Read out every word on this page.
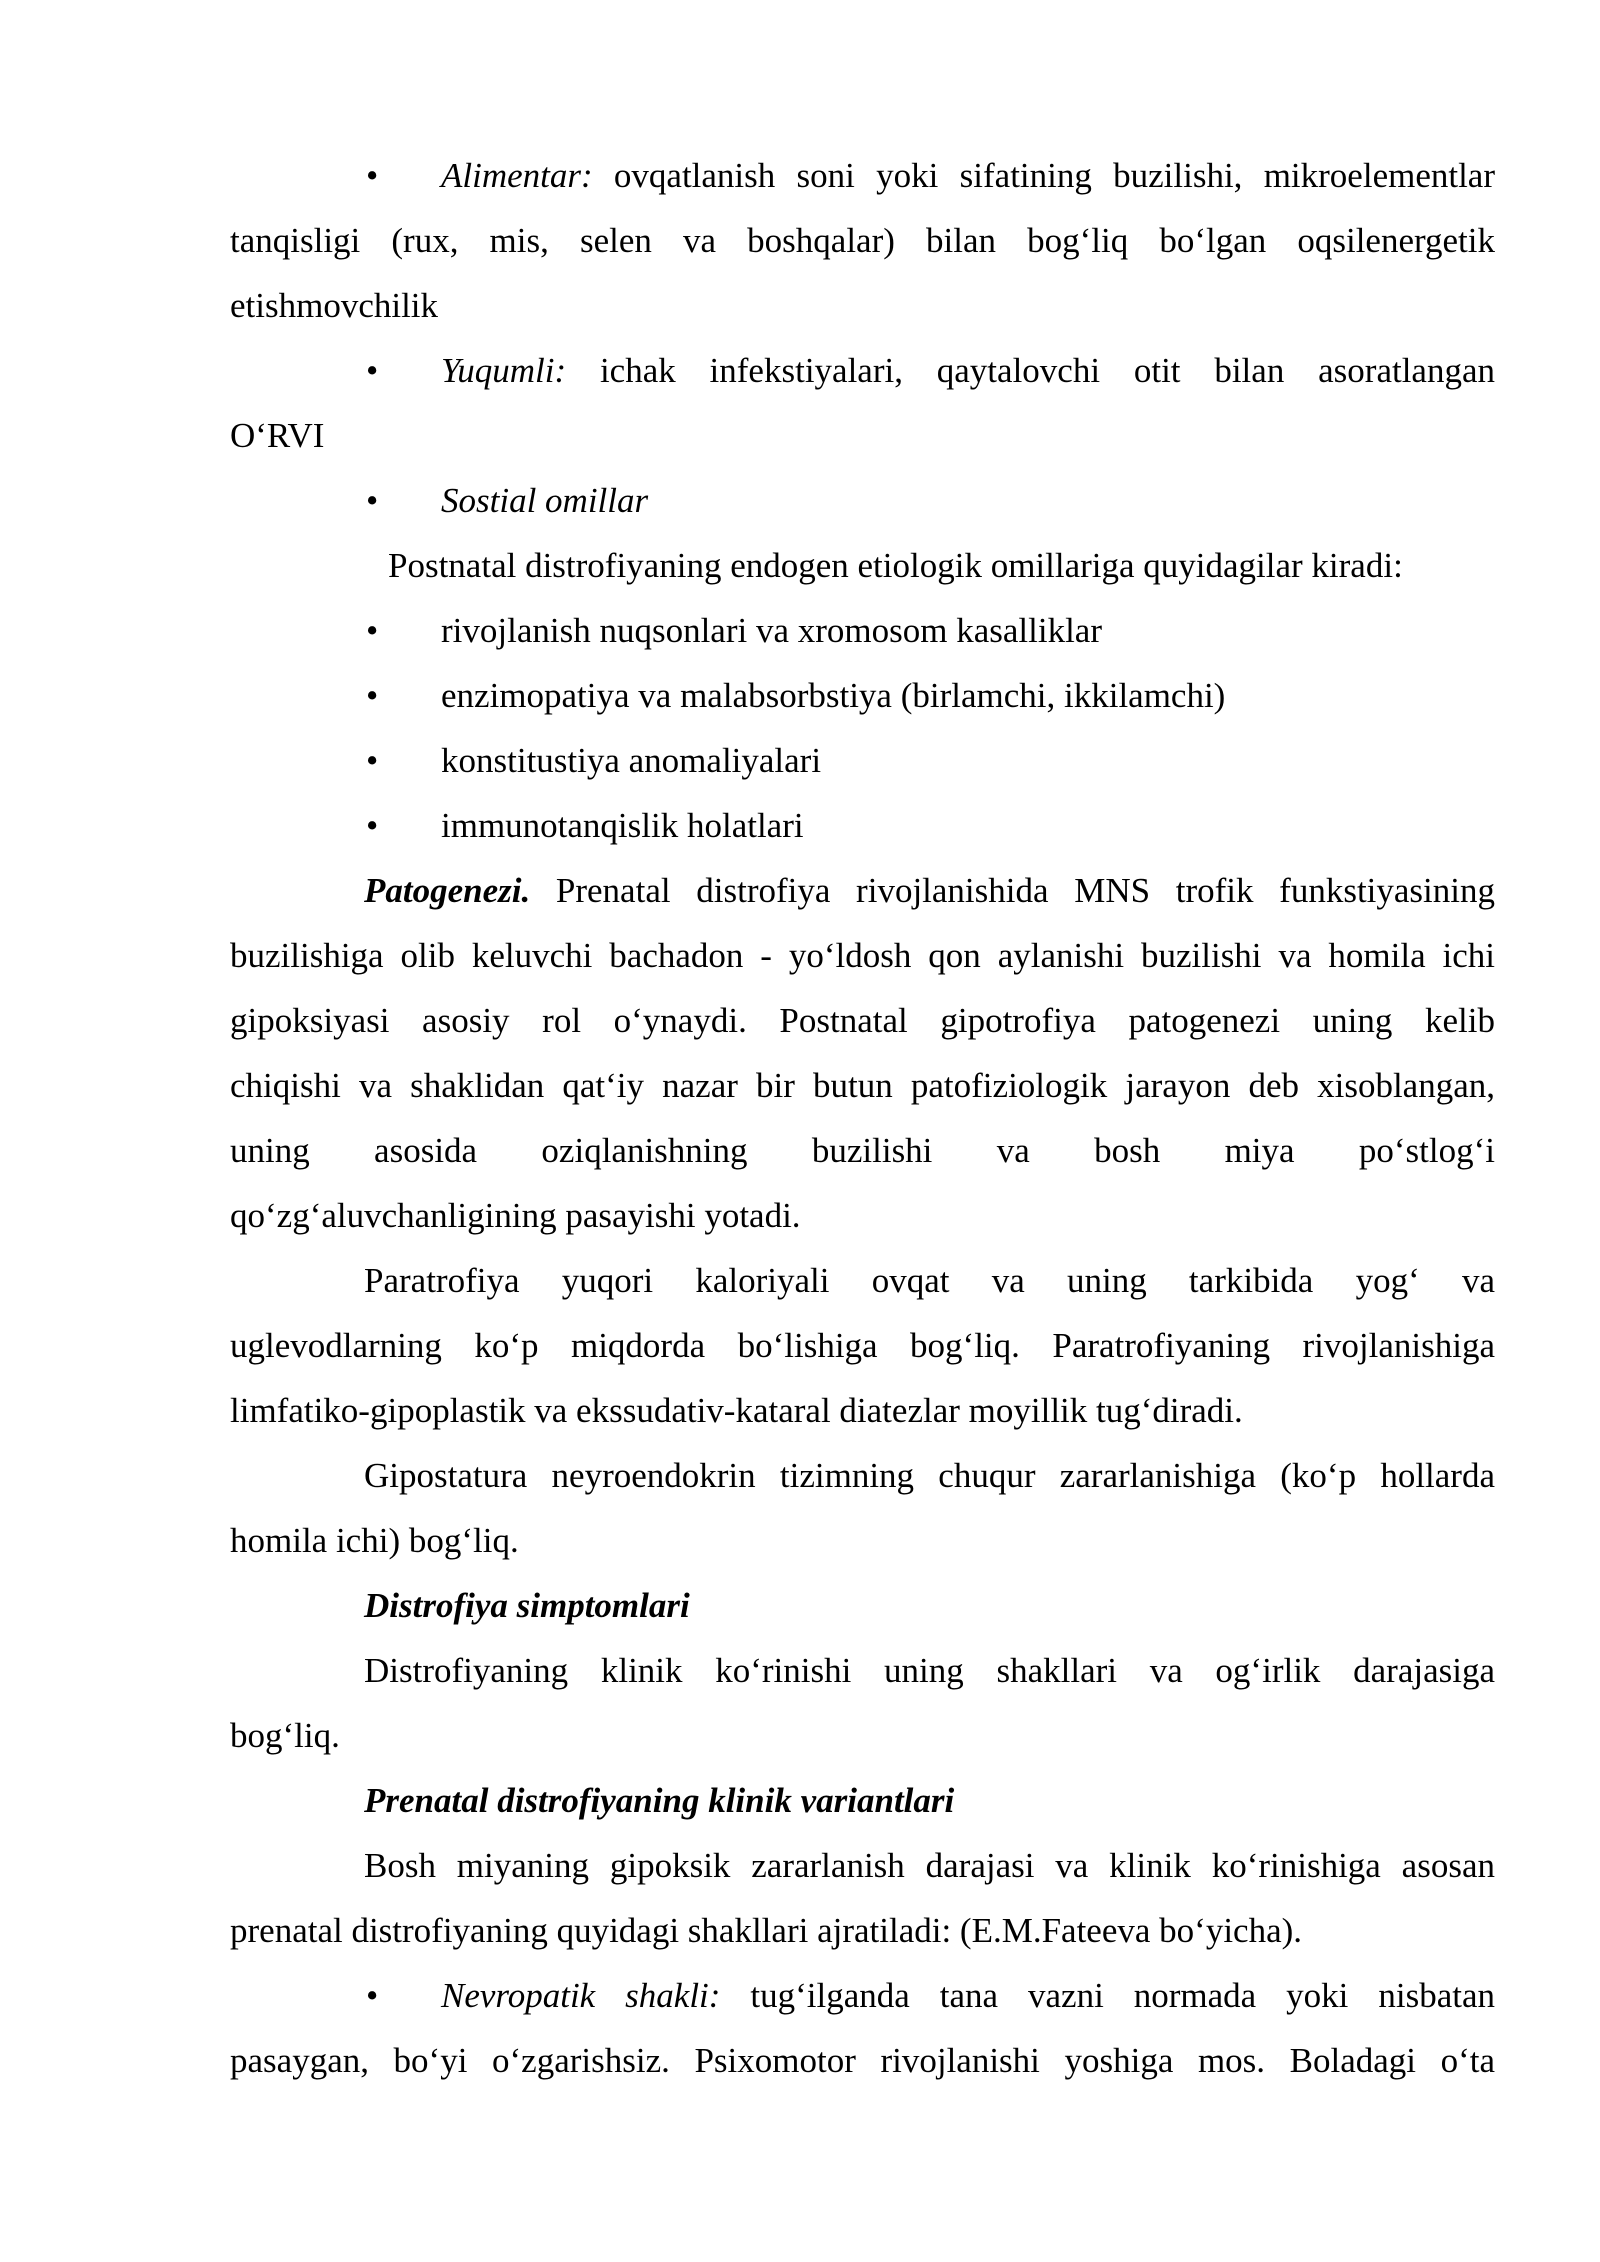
• Alimentar: ovqatlanish soni yoki sifatining buzilishi, mikroelementlar
tanqisligi (rux, mis, selen va boshqalar) bilan bog‘liq bo‘lgan oqsilenergetik
etishmovchilik
• Yuqumli: ichak infekstiyalari, qaytalovchi otit bilan asoratlangan
O‘RVI
• Sostial omillar
Postnatal distrofiyaning endogen etiologik omillariga quyidagilar kiradi:
• rivojlanish nuqsonlari va xromosom kasalliklar
• enzimopatiya va malabsorbstiya (birlamchi, ikkilamchi)
• konstitustiya anomaliyalari
• immunotanqislik holatlari
Patogenezi. Prenatal distrofiya rivojlanishida MNS trofik funkstiyasining
buzilishiga olib keluvchi bachadon - yo‘ldosh qon aylanishi buzilishi va homila ichi
gipoksiyasi asosiy rol o‘ynaydi. Postnatal gipotrofiya patogenezi uning kelib
chiqishi va shaklidan qat‘iy nazar bir butun patofiziologik jarayon deb xisoblangan,
uning asosida oziqlanishning buzilishi va bosh miya po‘stlog‘i
qo‘zg‘aluvchanligining pasayishi yotadi.
Paratrofiya yuqori kaloriyali ovqat va uning tarkibida yog‘ va
uglevodlarning ko‘p miqdorda bo‘lishiga bog‘liq. Paratrofiyaning rivojlanishiga
limfatiko-gipoplastik va ekssudativ-kataral diatezlar moyillik tug‘diradi.
Gipostatura neyroendokrin tizimning chuqur zararlanishiga (ko‘p hollarda
homila ichi) bog‘liq.
Distrofiya simptomlari
Distrofiyaning klinik ko‘rinishi uning shakllari va og‘irlik darajasiga
bog‘liq.
Prenatal distrofiyaning klinik variantlari
Bosh miyaning gipoksik zararlanish darajasi va klinik ko‘rinishiga asosan
prenatal distrofiyaning quyidagi shakllari ajratiladi: (E.M.Fateeva bo‘yicha).
• Nevropatik shakli: tug‘ilganda tana vazni normada yoki nisbatan
pasaygan, bo‘yi o‘zgarishsiz. Psixomotor rivojlanishi yoshiga mos. Boladagi o‘ta
